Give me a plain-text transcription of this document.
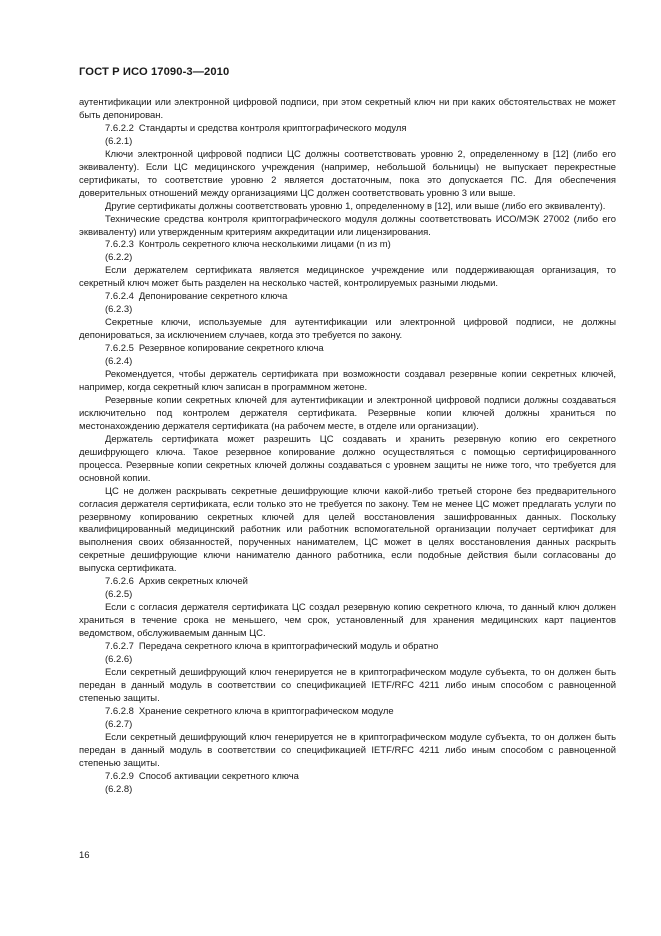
ГОСТ Р ИСО 17090-3—2010

аутентификации или электронной цифровой подписи, при этом секретный ключ ни при каких обстоятельствах не может быть депонирован.

7.6.2.2 Стандарты и средства контроля криптографического модуля

(6.2.1)

Ключи электронной цифровой подписи ЦС должны соответствовать уровню 2, определенному в [12] (либо его эквиваленту). Если ЦС медицинского учреждения (например, небольшой больницы) не выпускает перекрестные сертификаты, то соответствие уровню 2 является достаточным, пока это допускается ПС. Для обеспечения доверительных отношений между организациями ЦС должен соответствовать уровню 3 или выше.

Другие сертификаты должны соответствовать уровню 1, определенному в [12], или выше (либо его эквиваленту).

Технические средства контроля криптографического модуля должны соответствовать ИСО/МЭК 27002 (либо его эквиваленту) или утвержденным критериям аккредитации или лицензирования.

7.6.2.3 Контроль секретного ключа несколькими лицами (n из m)

(6.2.2)

Если держателем сертификата является медицинское учреждение или поддерживающая организация, то секретный ключ может быть разделен на несколько частей, контролируемых разными людьми.

7.6.2.4 Депонирование секретного ключа

(6.2.3)

Секретные ключи, используемые для аутентификации или электронной цифровой подписи, не должны депонироваться, за исключением случаев, когда это требуется по закону.

7.6.2.5 Резервное копирование секретного ключа

(6.2.4)

Рекомендуется, чтобы держатель сертификата при возможности создавал резервные копии секретных ключей, например, когда секретный ключ записан в программном жетоне.

Резервные копии секретных ключей для аутентификации и электронной цифровой подписи должны создаваться исключительно под контролем держателя сертификата. Резервные копии ключей должны храниться по местонахождению держателя сертификата (на рабочем месте, в отделе или организации).

Держатель сертификата может разрешить ЦС создавать и хранить резервную копию его секретного дешифрующего ключа. Такое резервное копирование должно осуществляться с помощью сертифицированного процесса. Резервные копии секретных ключей должны создаваться с уровнем защиты не ниже того, что требуется для основной копии.

ЦС не должен раскрывать секретные дешифрующие ключи какой-либо третьей стороне без предварительного согласия держателя сертификата, если только это не требуется по закону. Тем не менее ЦС может предлагать услуги по резервному копированию секретных ключей для целей восстановления зашифрованных данных. Поскольку квалифицированный медицинский работник или работник вспомогательной организации получает сертификат для выполнения своих обязанностей, порученных нанимателем, ЦС может в целях восстановления данных раскрыть секретные дешифрующие ключи нанимателю данного работника, если подобные действия были согласованы до выпуска сертификата.

7.6.2.6 Архив секретных ключей

(6.2.5)

Если с согласия держателя сертификата ЦС создал резервную копию секретного ключа, то данный ключ должен храниться в течение срока не меньшего, чем срок, установленный для хранения медицинских карт пациентов ведомством, обслуживаемым данным ЦС.

7.6.2.7 Передача секретного ключа в криптографический модуль и обратно

(6.2.6)

Если секретный дешифрующий ключ генерируется не в криптографическом модуле субъекта, то он должен быть передан в данный модуль в соответствии со спецификацией IETF/RFC 4211 либо иным способом с равноценной степенью защиты.

7.6.2.8 Хранение секретного ключа в криптографическом модуле

(6.2.7)

Если секретный дешифрующий ключ генерируется не в криптографическом модуле субъекта, то он должен быть передан в данный модуль в соответствии со спецификацией IETF/RFC 4211 либо иным способом с равноценной степенью защиты.

7.6.2.9 Способ активации секретного ключа

(6.2.8)

16
